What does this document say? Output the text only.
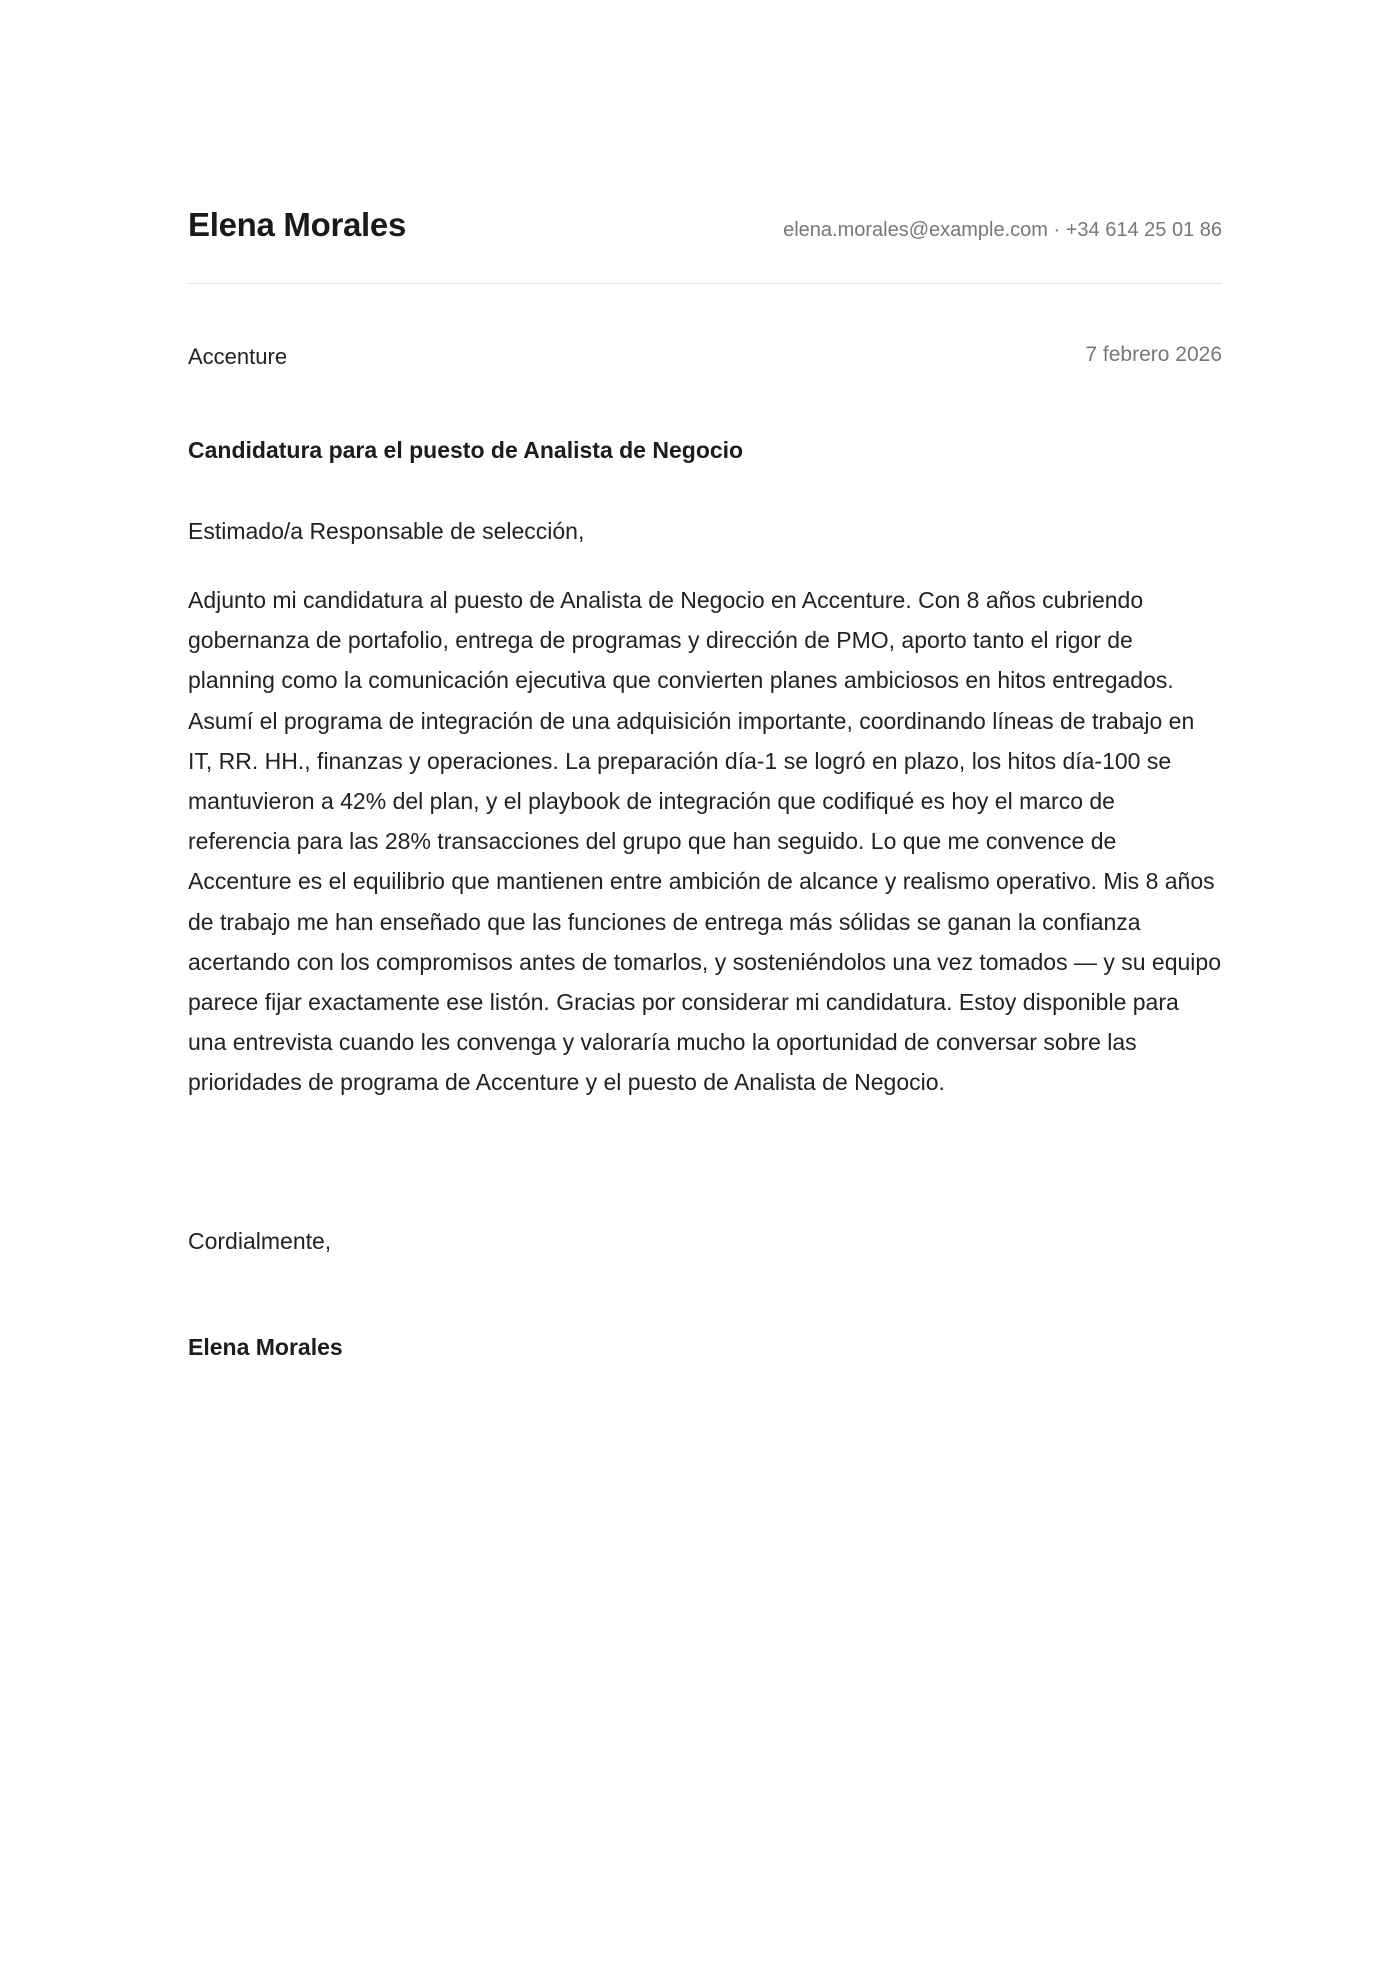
Elena Morales	elena.morales@example.com · +34 614 25 01 86
Accenture	7 febrero 2026
Candidatura para el puesto de Analista de Negocio
Estimado/a Responsable de selección,

Adjunto mi candidatura al puesto de Analista de Negocio en Accenture. Con 8 años cubriendo gobernanza de portafolio, entrega de programas y dirección de PMO, aporto tanto el rigor de planning como la comunicación ejecutiva que convierten planes ambiciosos en hitos entregados. Asumí el programa de integración de una adquisición importante, coordinando líneas de trabajo en IT, RR. HH., finanzas y operaciones. La preparación día-1 se logró en plazo, los hitos día-100 se mantuvieron a 42% del plan, y el playbook de integración que codifiqué es hoy el marco de referencia para las 28% transacciones del grupo que han seguido. Lo que me convence de Accenture es el equilibrio que mantienen entre ambición de alcance y realismo operativo. Mis 8 años de trabajo me han enseñado que las funciones de entrega más sólidas se ganan la confianza acertando con los compromisos antes de tomarlos, y sosteniéndolos una vez tomados — y su equipo parece fijar exactamente ese listón. Gracias por considerar mi candidatura. Estoy disponible para una entrevista cuando les convenga y valoraría mucho la oportunidad de conversar sobre las prioridades de programa de Accenture y el puesto de Analista de Negocio.

Cordialmente,
Elena Morales
